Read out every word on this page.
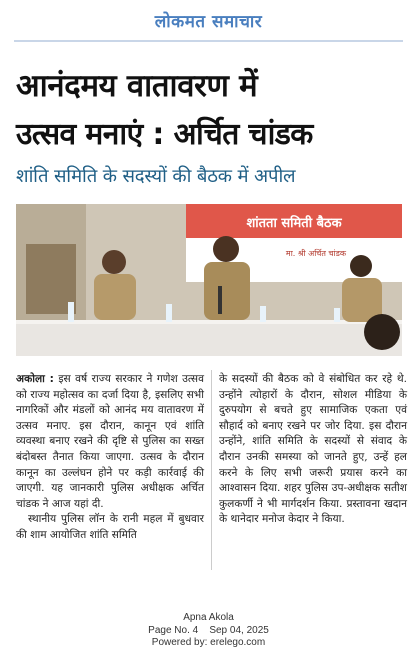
लोकमत समाचार
आनंदमय वातावरण में
उत्सव मनाएं : अर्चित चांडक
शांति समिति के सदस्यों की बैठक में अपील
शांतता समिती बैठक
मा. श्री अर्चित चांडक

अकोला : इस वर्ष राज्य सरकार ने गणेश उत्सव को राज्य महोत्सव का दर्जा दिया है, इसलिए सभी नागरिकों और मंडलों को आनंद मय वातावरण में उत्सव मनाए. इस दौरान, कानून एवं शांति व्यवस्था बनाए रखने की दृष्टि से पुलिस का सख्त बंदोबस्त तैनात किया जाएगा. उत्सव के दौरान कानून का उल्लंघन होने पर कड़ी कार्रवाई की जाएगी. यह जानकारी पुलिस अधीक्षक अर्चित चांडक ने आज यहां दी.

स्थानीय पुलिस लॉन के रानी महल में बुधवार की शाम आयोजित शांति समिति

के सदस्यों की बैठक को वे संबोधित कर रहे थे. उन्होंने त्योहारों के दौरान, सोशल मीडिया के दुरुपयोग से बचते हुए सामाजिक एकता एवं सौहार्द को बनाए रखने पर जोर दिया. इस दौरान उन्होंने, शांति समिति के सदस्यों से संवाद के दौरान उनकी समस्या को जानते हुए, उन्हें हल करने के लिए सभी जरूरी प्रयास करने का आश्वासन दिया. शहर पुलिस उप-अधीक्षक सतीश कुलकर्णी ने भी मार्गदर्शन किया. प्रस्तावना खदान के थानेदार मनोज केदार ने किया.

Apna Akola
Page No. 4    Sep 04, 2025
Powered by: erelego.com
